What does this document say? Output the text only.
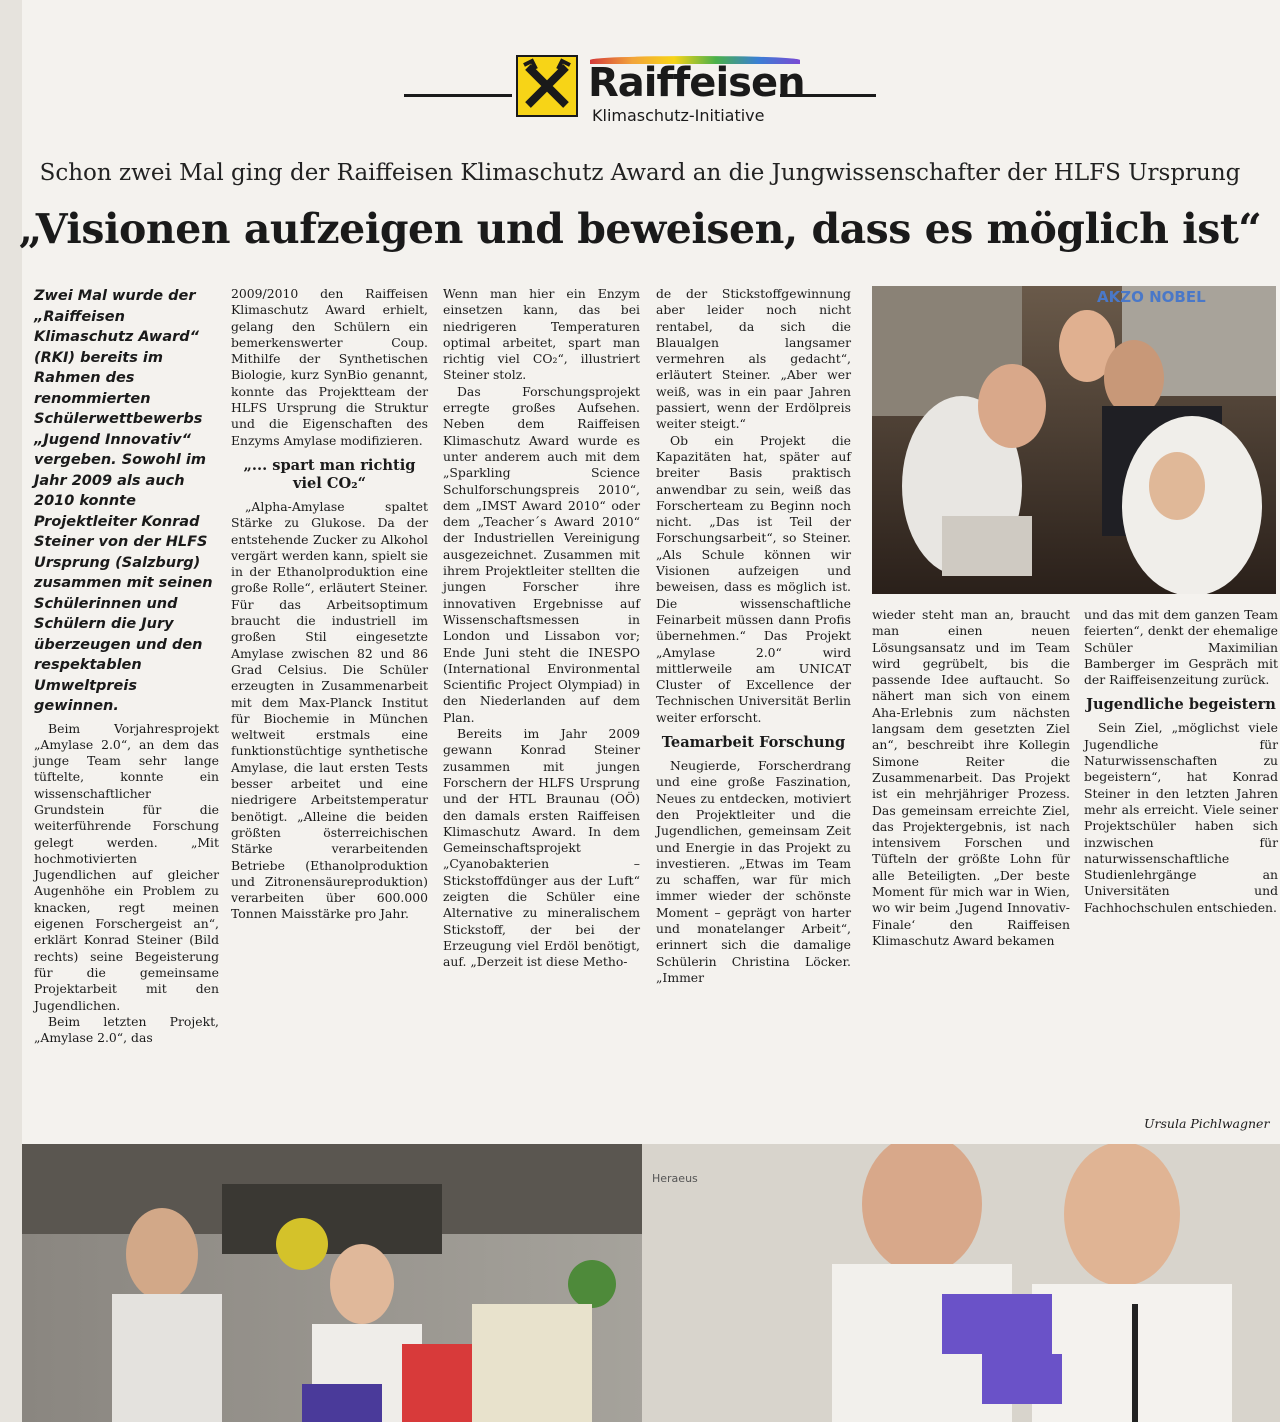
Raiffeisen
Klimaschutz-Initiative
Schon zwei Mal ging der Raiffeisen Klimaschutz Award an die Jungwissenschafter der HLFS Ursprung
„Visionen aufzeigen und beweisen, dass es möglich ist“
Zwei Mal wurde der „Raiffeisen Klimaschutz Award“ (RKI) bereits im Rahmen des renommierten Schülerwettbewerbs „Jugend Innovativ“ vergeben. Sowohl im Jahr 2009 als auch 2010 konnte Projektleiter Konrad Steiner von der HLFS Ursprung (Salzburg) zusammen mit seinen Schülerinnen und Schülern die Jury überzeugen und den respektablen Umweltpreis gewinnen.

Beim Vorjahresprojekt „Amylase 2.0“, an dem das junge Team sehr lange tüftelte, konnte ein wissenschaftlicher Grundstein für die weiterführende Forschung gelegt werden. „Mit hochmotivierten Jugendlichen auf gleicher Augenhöhe ein Problem zu knacken, regt meinen eigenen Forschergeist an“, erklärt Konrad Steiner (Bild rechts) seine Begeisterung für die gemeinsame Projektarbeit mit den Jugendlichen.

Beim letzten Projekt, „Amylase 2.0“, das

2009/2010 den Raiffeisen Klimaschutz Award erhielt, gelang den Schülern ein bemerkenswerter Coup. Mithilfe der Synthetischen Biologie, kurz SynBio genannt, konnte das Projektteam der HLFS Ursprung die Struktur und die Eigenschaften des Enzyms Amylase modifizieren.

„... spart man richtig viel CO₂“

„Alpha-Amylase spaltet Stärke zu Glukose. Da der entstehende Zucker zu Alkohol vergärt werden kann, spielt sie in der Ethanolproduktion eine große Rolle“, erläutert Steiner. Für das Arbeitsoptimum braucht die industriell im großen Stil eingesetzte Amylase zwischen 82 und 86 Grad Celsius. Die Schüler erzeugten in Zusammenarbeit mit dem Max-Planck Institut für Biochemie in München weltweit erstmals eine funktionstüchtige synthetische Amylase, die laut ersten Tests besser arbeitet und eine niedrigere Arbeitstemperatur benötigt. „Alleine die beiden größten österreichischen Stärke verarbeitenden Betriebe (Ethanolproduktion und Zitronensäureproduktion) verarbeiten über 600.000 Tonnen Maisstärke pro Jahr.

Wenn man hier ein Enzym einsetzen kann, das bei niedrigeren Temperaturen optimal arbeitet, spart man richtig viel CO₂“, illustriert Steiner stolz.

Das Forschungsprojekt erregte großes Aufsehen. Neben dem Raiffeisen Klimaschutz Award wurde es unter anderem auch mit dem „Sparkling Science Schulforschungspreis 2010“, dem „IMST Award 2010“ oder dem „Teacher´s Award 2010“ der Industriellen Vereinigung ausgezeichnet. Zusammen mit ihrem Projektleiter stellten die jungen Forscher ihre innovativen Ergebnisse auf Wissenschaftsmessen in London und Lissabon vor; Ende Juni steht die INESPO (International Environmental Scientific Project Olympiad) in den Niederlanden auf dem Plan.

Bereits im Jahr 2009 gewann Konrad Steiner zusammen mit jungen Forschern der HLFS Ursprung und der HTL Braunau (OÖ) den damals ersten Raiffeisen Klimaschutz Award. In dem Gemeinschaftsprojekt „Cyanobakterien – Stickstoffdünger aus der Luft“ zeigten die Schüler eine Alternative zu mineralischem Stickstoff, der bei der Erzeugung viel Erdöl benötigt, auf. „Derzeit ist diese Metho-

de der Stickstoffgewinnung aber leider noch nicht rentabel, da sich die Blaualgen langsamer vermehren als gedacht“, erläutert Steiner. „Aber wer weiß, was in ein paar Jahren passiert, wenn der Erdölpreis weiter steigt.“

Ob ein Projekt die Kapazitäten hat, später auf breiter Basis praktisch anwendbar zu sein, weiß das Forscherteam zu Beginn noch nicht. „Das ist Teil der Forschungsarbeit“, so Steiner. „Als Schule können wir Visionen aufzeigen und beweisen, dass es möglich ist. Die wissenschaftliche Feinarbeit müssen dann Profis übernehmen.“ Das Projekt „Amylase 2.0“ wird mittlerweile am UNICAT Cluster of Excellence der Technischen Universität Berlin weiter erforscht.

Teamarbeit Forschung

Neugierde, Forscherdrang und eine große Faszination, Neues zu entdecken, motiviert den Projektleiter und die Jugendlichen, gemeinsam Zeit und Energie in das Projekt zu investieren. „Etwas im Team zu schaffen, war für mich immer wieder der schönste Moment – geprägt von harter und monatelanger Arbeit“, erinnert sich die damalige Schülerin Christina Löcker. „Immer

AKZO NOBEL

wieder steht man an, braucht man einen neuen Lösungsansatz und im Team wird gegrübelt, bis die passende Idee auftaucht. So nähert man sich von einem Aha-Erlebnis zum nächsten langsam dem gesetzten Ziel an“, beschreibt ihre Kollegin Simone Reiter die Zusammenarbeit. Das Projekt ist ein mehrjähriger Prozess. Das gemeinsam erreichte Ziel, das Projektergebnis, ist nach intensivem Forschen und Tüfteln der größte Lohn für alle Beteiligten. „Der beste Moment für mich war in Wien, wo wir beim ‚Jugend Innovativ-Finale‘ den Raiffeisen Klimaschutz Award bekamen

und das mit dem ganzen Team feierten“, denkt der ehemalige Schüler Maximilian Bamberger im Gespräch mit der Raiffeisenzeitung zurück.

Jugendliche begeistern

Sein Ziel, „möglichst viele Jugendliche für Naturwissenschaften zu begeistern“, hat Konrad Steiner in den letzten Jahren mehr als erreicht. Viele seiner Projektschüler haben sich inzwischen für naturwissenschaftliche Studienlehrgänge an Universitäten und Fachhochschulen entschieden.

Ursula Pichlwagner
Heraeus
